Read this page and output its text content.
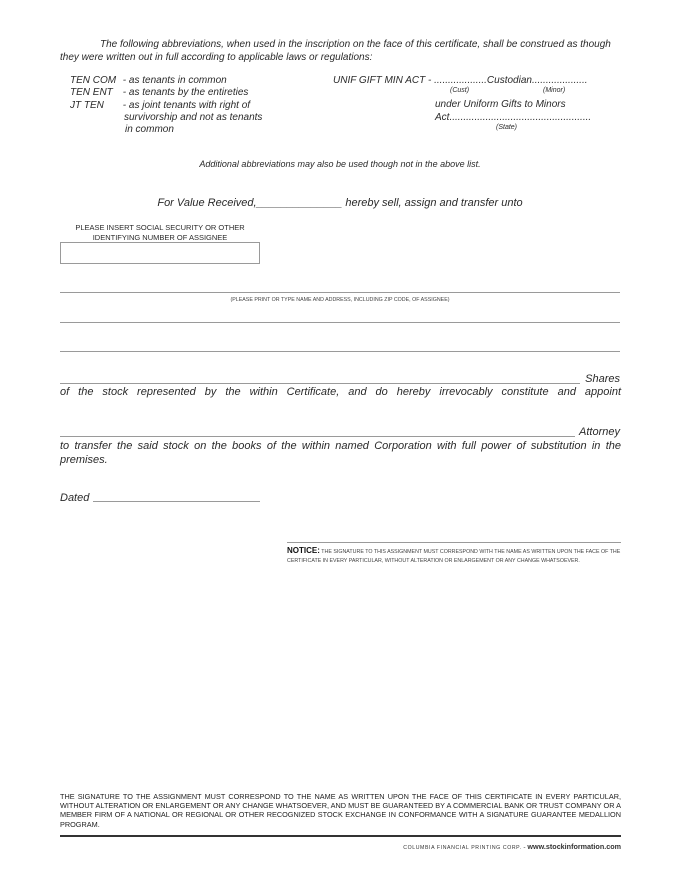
The following abbreviations, when used in the inscription on the face of this certificate, shall be construed as though they were written out in full according to applicable laws or regulations:
TEN COM - as tenants in common
TEN ENT - as tenants by the entireties
JT TEN - as joint tenants with right of
survivorship and not as tenants
in common
UNIF GIFT MIN ACT - ...................Custodian....................
(Cust)	(Minor)
under Uniform Gifts to Minors
Act...................................................
(State)
Additional abbreviations may also be used though not in the above list.
For Value Received,______________ hereby sell, assign and transfer unto
PLEASE INSERT SOCIAL SECURITY OR OTHER
IDENTIFYING NUMBER OF ASSIGNEE
(PLEASE PRINT OR TYPE NAME AND ADDRESS, INCLUDING ZIP CODE, OF ASSIGNEE)
Shares
of the stock represented by the within Certificate, and do hereby irrevocably constitute and appoint
Attorney
to transfer the said stock on the books of the within named Corporation with full power of substitution in the premises.
Dated
NOTICE: THE SIGNATURE TO THIS ASSIGNMENT MUST CORRESPOND WITH THE NAME AS WRITTEN UPON THE FACE OF THE CERTIFICATE IN EVERY PARTICULAR, WITHOUT ALTERATION OR ENLARGEMENT OR ANY CHANGE WHATSOEVER.
THE SIGNATURE TO THE ASSIGNMENT MUST CORRESPOND TO THE NAME AS WRITTEN UPON THE FACE OF THIS CERTIFICATE IN EVERY PARTICULAR, WITHOUT ALTERATION OR ENLARGEMENT OR ANY CHANGE WHATSOEVER, AND MUST BE GUARANTEED BY A COMMERCIAL BANK OR TRUST COMPANY OR A MEMBER FIRM OF A NATIONAL OR REGIONAL OR OTHER RECOGNIZED STOCK EXCHANGE IN CONFORMANCE WITH A SIGNATURE GUARANTEE MEDALLION PROGRAM.
COLUMBIA FINANCIAL PRINTING CORP. - www.stockinformation.com
